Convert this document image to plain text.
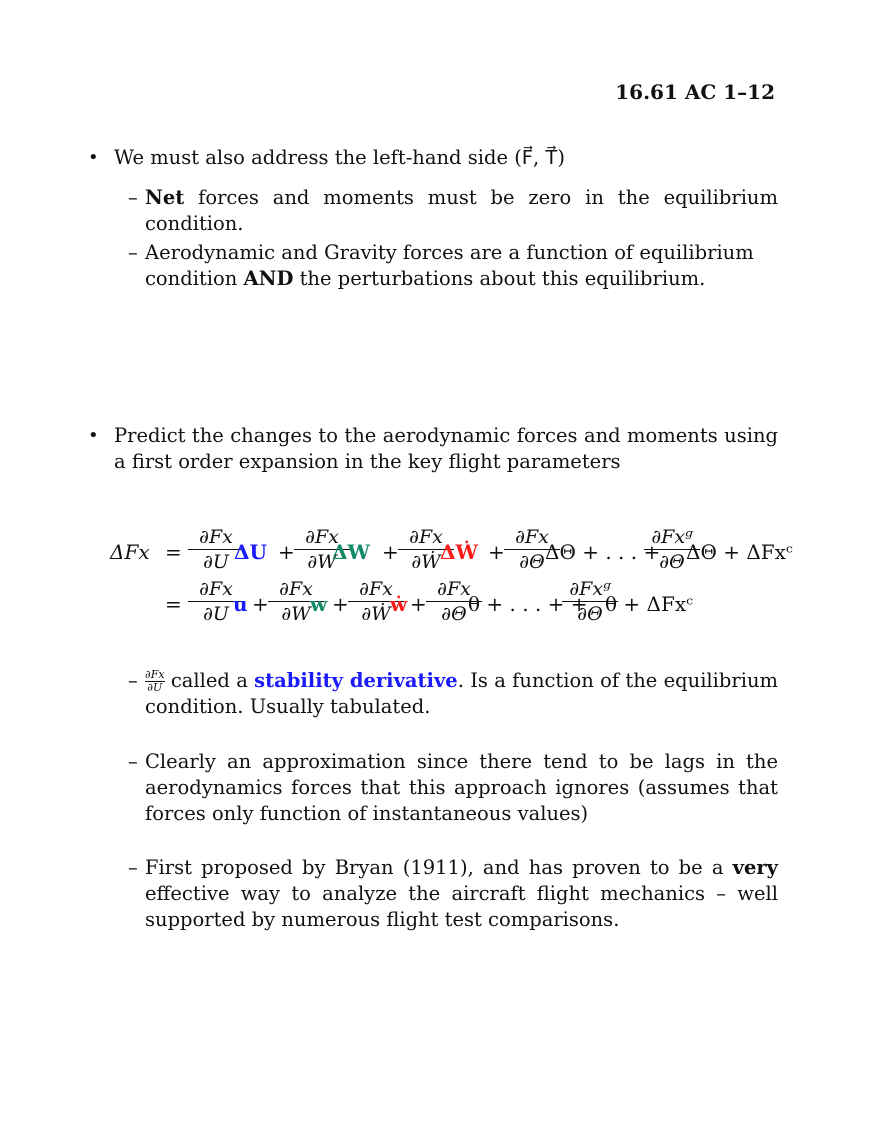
16.61 AC 1–12
• We must also address the left-hand side (F⃗, T⃗)
– Net forces and moments must be zero in the equilibrium condition.
– Aerodynamic and Gravity forces are a function of equilibrium condition AND the perturbations about this equilibrium.
• Predict the changes to the aerodynamic forces and moments using a first order expansion in the key flight parameters
ΔFx =
∂Fx
∂U ΔU +
∂Fx
∂W
ΔW +
∂Fx
∂Ẇ ΔẆ +
∂Fx
∂Θ ΔΘ + . . . +
∂Fxᵍ
∂Θ ΔΘ + ΔFxᶜ
=
∂Fx
∂U u +
∂Fx
∂W w +
∂Fx
∂Ẇ ẇ +
∂Fx
∂Θ θ + . . . + +
∂Fxᵍ
∂Θ θ + ΔFxᶜ
– $\frac{\partial Fx}{\partial U}$ called a stability derivative. Is a function of the equilibrium condition. Usually tabulated.
– Clearly an approximation since there tend to be lags in the aerodynamics forces that this approach ignores (assumes that forces only function of instantaneous values)
– First proposed by Bryan (1911), and has proven to be a very effective way to analyze the aircraft flight mechanics – well supported by numerous flight test comparisons.
